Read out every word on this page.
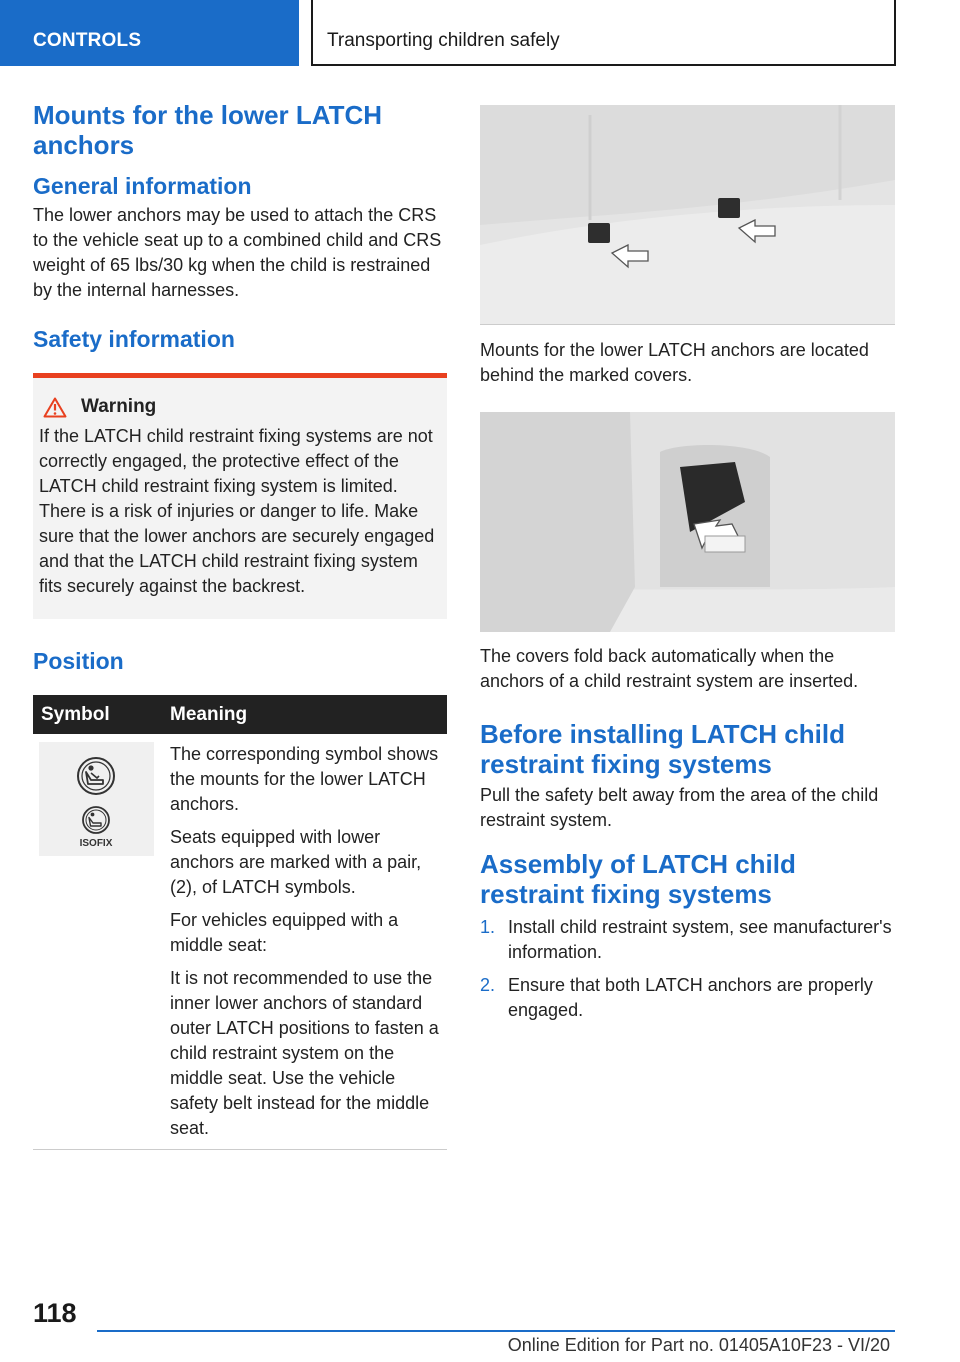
CONTROLS	Transporting children safely
Mounts for the lower LATCH anchors
General information

The lower anchors may be used to attach the CRS to the vehicle seat up to a combined child and CRS weight of 65 lbs/30 kg when the child is restrained by the internal harnesses.

Safety information
Warning

If the LATCH child restraint fixing systems are not correctly engaged, the protective effect of the LATCH child restraint fixing system is limited. There is a risk of injuries or danger to life. Make sure that the lower anchors are securely engaged and that the LATCH child restraint fixing system fits securely against the backrest.

Position
Symbol	Meaning

ISOFIX	The corresponding symbol shows the mounts for the lower LATCH anchors.

Seats equipped with lower anchors are marked with a pair, (2), of LATCH symbols.

For vehicles equipped with a middle seat:

It is not recommended to use the inner lower anchors of standard outer LATCH positions to fasten a child restraint system on the middle seat. Use the vehicle safety belt instead for the middle seat.

Mounts for the lower LATCH anchors are located behind the marked covers.

The covers fold back automatically when the anchors of a child restraint system are inserted.

Before installing LATCH child restraint fixing systems

Pull the safety belt away from the area of the child restraint system.

Assembly of LATCH child restraint fixing systems
1. Install child restraint system, see manufacturer's information.
2. Ensure that both LATCH anchors are properly engaged.
118
Online Edition for Part no. 01405A10F23 - VI/20
